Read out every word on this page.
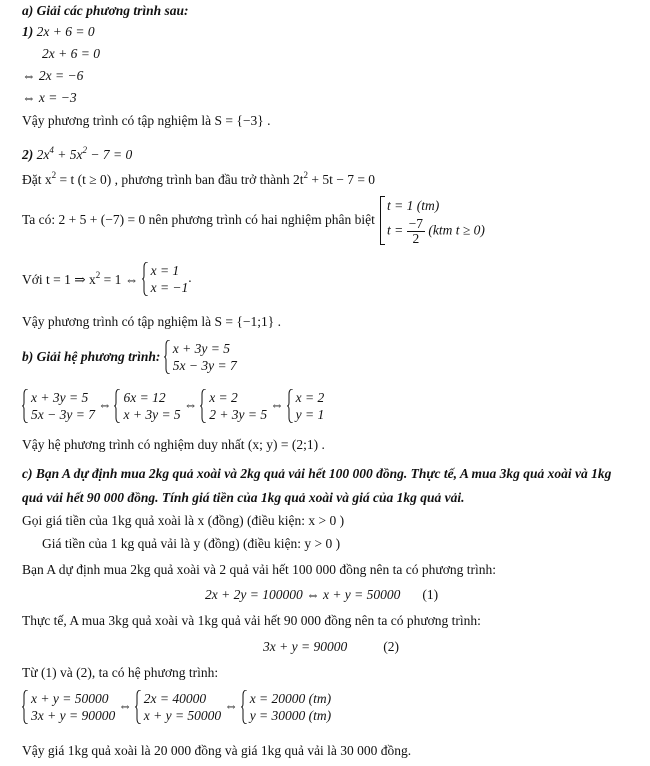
a) Giải các phương trình sau:
1) 2x + 6 = 0
2x + 6 = 0
⇔ 2x = −6
⇔ x = −3
Vậy phương trình có tập nghiệm là S = {−3} .
2) $2x^4 + 5x^2 - 7 = 0$
Đặt $x^2 = t$ (t ≥ 0) , phương trình ban đầu trở thành $2t^2 + 5t - 7 = 0$
Ta có: 2 + 5 + (−7) = 0 nên phương trình có hai nghiệm phân biệt
t = 1 (tm)
$t = \frac{-7}{2} (ktm$ t ≥ 0)
Với t = 1 ⇒ $x^2 = 1$ ⇔
x = 1
x = −1
.
Vậy phương trình có tập nghiệm là S = {−1;1} .
b) Giải hệ phương trình:
x + 3y = 5
5x − 3y = 7
x + 3y = 5
5x − 3y = 7
⇔ 6x = 12
x + 3y = 5
⇔ x = 2
2 + 3y = 5
⇔ x = 2
y = 1
Vậy hệ phương trình có nghiệm duy nhất (x; y) = (2;1) .
c) Bạn A dự định mua 2kg quả xoài và 2kg quả vải hết 100 000 đồng. Thực tế, A mua 3kg quả xoài và 1kg
quả vải hết 90 000 đồng. Tính giá tiền của 1kg quả xoài và giá của 1kg quả vải.
Gọi giá tiền của 1kg quả xoài là x (đồng) (điều kiện: x > 0 )
Giá tiền của 1 kg quả vải là y (đồng) (điều kiện: y > 0 )
Bạn A dự định mua 2kg quả xoài và 2 quả vải hết 100 000 đồng nên ta có phương trình:
2x + 2y = 100000 ⇔ x + y = 50000 (1)
Thực tế, A mua 3kg quả xoài và 1kg quả vải hết 90 000 đồng nên ta có phương trình:
3x + y = 90000	(2)
Từ (1) và (2), ta có hệ phương trình:
x + y = 50000
3x + y = 90000
⇔ 2x = 40000
x + y = 50000
⇔ x = 20000 (tm)
y = 30000 (tm)
Vậy giá 1kg quả xoài là 20 000 đồng và giá 1kg quả vải là 30 000 đồng.
